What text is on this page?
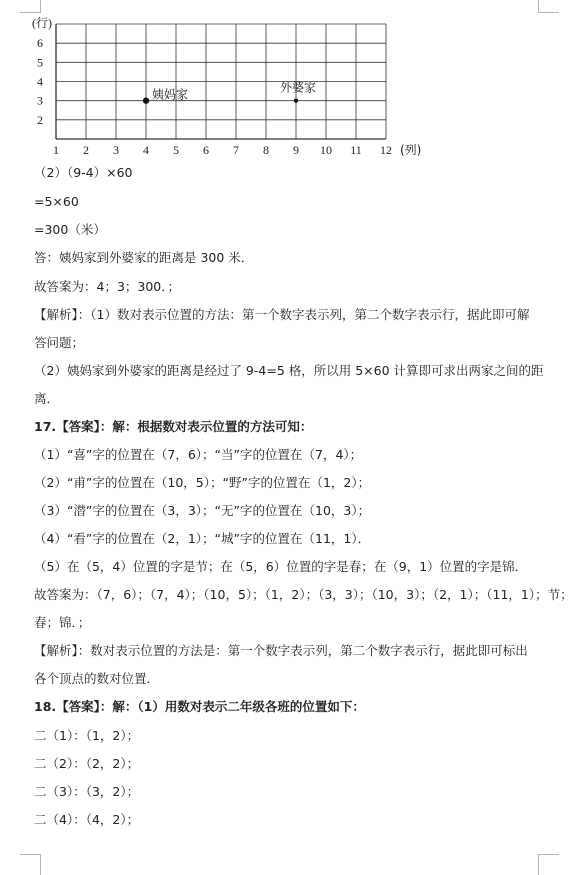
(行)
(列)
2
3
4
5
6
1 2 3 4 5 6 7 8 9 10 11 12
姨妈家	外婆家
（2）（9-4）×60
=5×60
=300（米）
答：姨妈家到外婆家的距离是 300 米．
故答案为：4；3；300．；
【解析】：（1）数对表示位置的方法：第一个数字表示列，第二个数字表示行，据此即可解
答问题；
（2）姨妈家到外婆家的距离是经过了 9-4=5 格，所以用 5×60 计算即可求出两家之间的距
离．
17.【答案】：解：根据数对表示位置的方法可知：
（1）“喜”字的位置在（7，6）；“当”字的位置在（7，4）；
（2）“甫”字的位置在（10，5）；“野”字的位置在（1，2）；
（3）“潜”字的位置在（3，3）；“无”字的位置在（10，3）；
（4）“看”字的位置在（2，1）；“城”字的位置在（11，1）．
（5）在（5，4）位置的字是节；在（5，6）位置的字是春；在（9，1）位置的字是锦．
故答案为：（7，6）；（7，4）；（10，5）；（1，2）；（3，3）；（10，3）；（2，1）；（11，1）；节；
春；锦．；
【解析】：数对表示位置的方法是：第一个数字表示列，第二个数字表示行，据此即可标出
各个顶点的数对位置．
18.【答案】：解：（1）用数对表示二年级各班的位置如下：
二（1）：（1，2）；
二（2）：（2，2）；
二（3）：（3，2）；
二（4）：（4，2）；
